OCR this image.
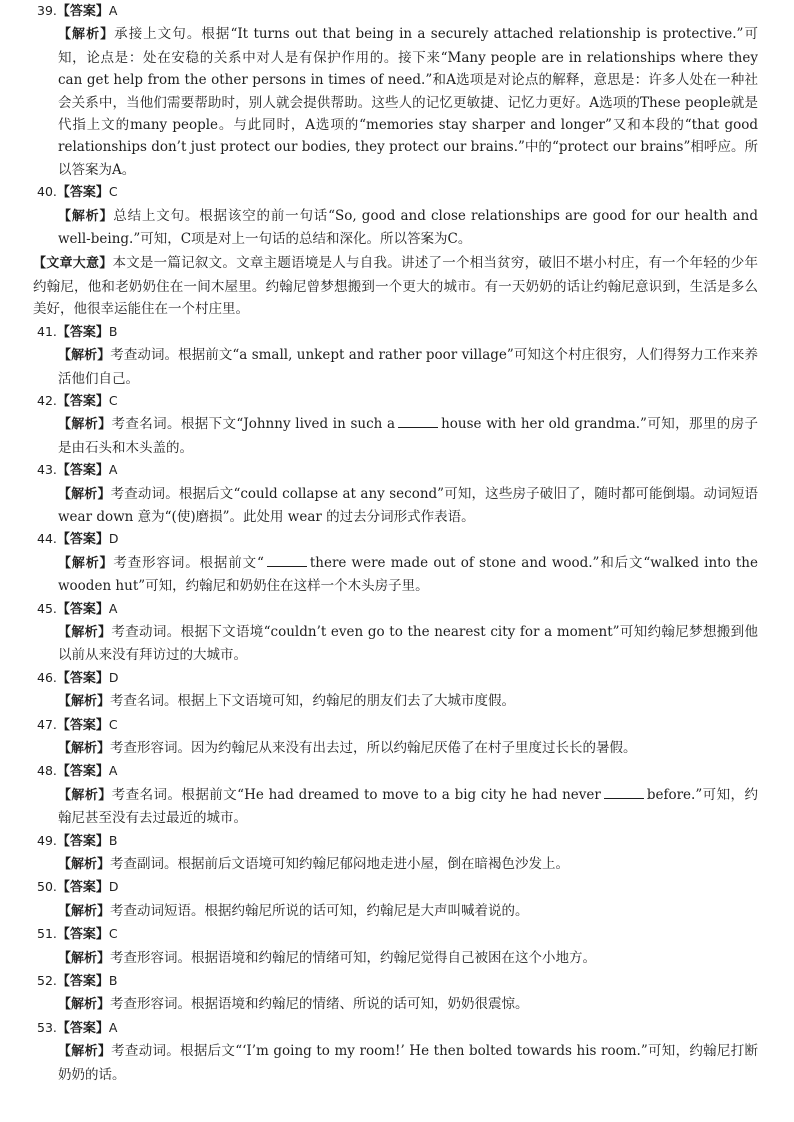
39.【答案】A
【解析】承接上文句。根据“It turns out that being in a securely attached relationship is protective.”可知，论点是：处在安稳的关系中对人是有保护作用的。接下来“Many people are in relationships where they can get help from the other persons in times of need.”和A选项是对论点的解释，意思是：许多人处在一种社会关系中，当他们需要帮助时，别人就会提供帮助。这些人的记忆更敏捷、记忆力更好。A选项的These people就是代指上文的many people。与此同时，A选项的“memories stay sharper and longer”又和本段的“that good relationships don’t just protect our bodies, they protect our brains.”中的“protect our brains”相呼应。所以答案为A。
40.【答案】C
【解析】总结上文句。根据该空的前一句话“So, good and close relationships are good for our health and well-being.”可知，C项是对上一句话的总结和深化。所以答案为C。
【文章大意】本文是一篇记叙文。文章主题语境是人与自我。讲述了一个相当贫穷，破旧不堪小村庄，有一个年轻的少年约翰尼，他和老奶奶住在一间木屋里。约翰尼曾梦想搬到一个更大的城市。有一天奶奶的话让约翰尼意识到，生活是多么美好，他很幸运能住在一个村庄里。
41.【答案】B
【解析】考查动词。根据前文“a small, unkept and rather poor village”可知这个村庄很穷，人们得努力工作来养活他们自己。
42.【答案】C
【解析】考查名词。根据下文“Johnny lived in such a	house with her old grandma.”可知，那里的房子是由石头和木头盖的。
43.【答案】A
【解析】考查动词。根据后文“could collapse at any second”可知，这些房子破旧了，随时都可能倒塌。动词短语 wear down 意为“(使)磨损”。此处用 wear 的过去分词形式作表语。
44.【答案】D
【解析】考查形容词。根据前文“	there were made out of stone and wood.”和后文“walked into the wooden hut”可知，约翰尼和奶奶住在这样一个木头房子里。
45.【答案】A
【解析】考查动词。根据下文语境“couldn’t even go to the nearest city for a moment”可知约翰尼梦想搬到他以前从来没有拜访过的大城市。
46.【答案】D
【解析】考查名词。根据上下文语境可知，约翰尼的朋友们去了大城市度假。
47.【答案】C
【解析】考查形容词。因为约翰尼从来没有出去过，所以约翰尼厌倦了在村子里度过长长的暑假。
48.【答案】A
【解析】考查名词。根据前文“He had dreamed to move to a big city he had never	before.”可知，约翰尼甚至没有去过最近的城市。
49.【答案】B
【解析】考查副词。根据前后文语境可知约翰尼郁闷地走进小屋，倒在暗褐色沙发上。
50.【答案】D
【解析】考查动词短语。根据约翰尼所说的话可知，约翰尼是大声叫喊着说的。
51.【答案】C
【解析】考查形容词。根据语境和约翰尼的情绪可知，约翰尼觉得自己被困在这个小地方。
52.【答案】B
【解析】考查形容词。根据语境和约翰尼的情绪、所说的话可知，奶奶很震惊。
53.【答案】A
【解析】考查动词。根据后文“‘I’m going to my room!’ He then bolted towards his room.”可知，约翰尼打断奶奶的话。
